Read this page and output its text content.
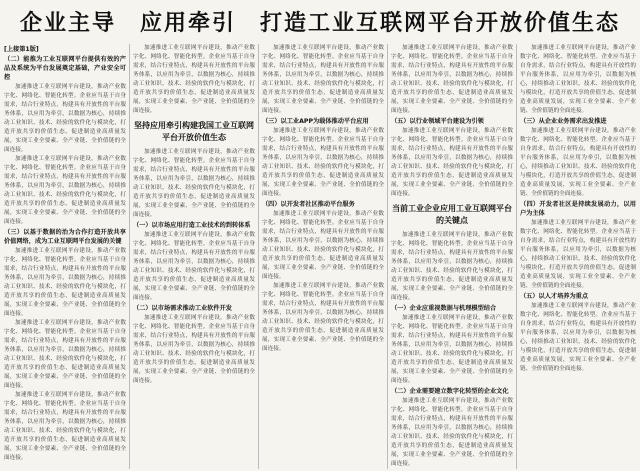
企业主导　应用牵引　打造工业互联网平台开放价值生态
[上接第1版]
（二）能推为工业互联网平台提供有效的产品及系统为平台发展奠定基础，产业安全可控

加速推进工业互联网平台建设，推动产业数字化、网络化、智能化转型。企业应当基于自身需求，结合行业特点，构建具有开放性的平台服务体系，以应用为牵引，以数据为核心，持续推动工业知识、技术、经验的软件化与模块化，打造开放共享的价值生态，促进制造业高质量发展，实现工业全要素、全产业链、全价值链的全面连接。

加速推进工业互联网平台建设，推动产业数字化、网络化、智能化转型。企业应当基于自身需求，结合行业特点，构建具有开放性的平台服务体系，以应用为牵引，以数据为核心，持续推动工业知识、技术、经验的软件化与模块化，打造开放共享的价值生态，促进制造业高质量发展，实现工业全要素、全产业链、全价值链的全面连接。

（三）以基于数据的治为合作打造开放共享价值网络，成为工业互联网平台发展的关键

加速推进工业互联网平台建设，推动产业数字化、网络化、智能化转型。企业应当基于自身需求，结合行业特点，构建具有开放性的平台服务体系，以应用为牵引，以数据为核心，持续推动工业知识、技术、经验的软件化与模块化，打造开放共享的价值生态，促进制造业高质量发展，实现工业全要素、全产业链、全价值链的全面连接。

加速推进工业互联网平台建设，推动产业数字化、网络化、智能化转型。企业应当基于自身需求，结合行业特点，构建具有开放性的平台服务体系，以应用为牵引，以数据为核心，持续推动工业知识、技术、经验的软件化与模块化，打造开放共享的价值生态，促进制造业高质量发展，实现工业全要素、全产业链、全价值链的全面连接。

加速推进工业互联网平台建设，推动产业数字化、网络化、智能化转型。企业应当基于自身需求，结合行业特点，构建具有开放性的平台服务体系，以应用为牵引，以数据为核心，持续推动工业知识、技术、经验的软件化与模块化，打造开放共享的价值生态，促进制造业高质量发展，实现工业全要素、全产业链、全价值链的全面连接。

加速推进工业互联网平台建设，推动产业数字化、网络化、智能化转型。企业应当基于自身需求，结合行业特点，构建具有开放性的平台服务体系，以应用为牵引，以数据为核心，持续推动工业知识、技术、经验的软件化与模块化，打造开放共享的价值生态，促进制造业高质量发展，实现工业全要素、全产业链、全价值链的全面连接。

坚持应用牵引构建我国工业互联网平台开放价值生态

加速推进工业互联网平台建设，推动产业数字化、网络化、智能化转型。企业应当基于自身需求，结合行业特点，构建具有开放性的平台服务体系，以应用为牵引，以数据为核心，持续推动工业知识、技术、经验的软件化与模块化，打造开放共享的价值生态，促进制造业高质量发展，实现工业全要素、全产业链、全价值链的全面连接。

（一）以市场应用打造工业技术的到转体系

加速推进工业互联网平台建设，推动产业数字化、网络化、智能化转型。企业应当基于自身需求，结合行业特点，构建具有开放性的平台服务体系，以应用为牵引，以数据为核心，持续推动工业知识、技术、经验的软件化与模块化，打造开放共享的价值生态，促进制造业高质量发展，实现工业全要素、全产业链、全价值链的全面连接。

（二）以市场需求推动工业软件开发

加速推进工业互联网平台建设，推动产业数字化、网络化、智能化转型。企业应当基于自身需求，结合行业特点，构建具有开放性的平台服务体系，以应用为牵引，以数据为核心，持续推动工业知识、技术、经验的软件化与模块化，打造开放共享的价值生态，促进制造业高质量发展，实现工业全要素、全产业链、全价值链的全面连接。

加速推进工业互联网平台建设，推动产业数字化、网络化、智能化转型。企业应当基于自身需求，结合行业特点，构建具有开放性的平台服务体系，以应用为牵引，以数据为核心，持续推动工业知识、技术、经验的软件化与模块化，打造开放共享的价值生态，促进制造业高质量发展，实现工业全要素、全产业链、全价值链的全面连接。

（三）以工业APP为载体推动平台应用

加速推进工业互联网平台建设，推动产业数字化、网络化、智能化转型。企业应当基于自身需求，结合行业特点，构建具有开放性的平台服务体系，以应用为牵引，以数据为核心，持续推动工业知识、技术、经验的软件化与模块化，打造开放共享的价值生态，促进制造业高质量发展，实现工业全要素、全产业链、全价值链的全面连接。

（四）以开发者社区推动平台服务

加速推进工业互联网平台建设，推动产业数字化、网络化、智能化转型。企业应当基于自身需求，结合行业特点，构建具有开放性的平台服务体系，以应用为牵引，以数据为核心，持续推动工业知识、技术、经验的软件化与模块化，打造开放共享的价值生态，促进制造业高质量发展，实现工业全要素、全产业链、全价值链的全面连接。

加速推进工业互联网平台建设，推动产业数字化、网络化、智能化转型。企业应当基于自身需求，结合行业特点，构建具有开放性的平台服务体系，以应用为牵引，以数据为核心，持续推动工业知识、技术、经验的软件化与模块化，打造开放共享的价值生态，促进制造业高质量发展，实现工业全要素、全产业链、全价值链的全面连接。

加速推进工业互联网平台建设，推动产业数字化、网络化、智能化转型。企业应当基于自身需求，结合行业特点，构建具有开放性的平台服务体系，以应用为牵引，以数据为核心，持续推动工业知识、技术、经验的软件化与模块化，打造开放共享的价值生态，促进制造业高质量发展，实现工业全要素、全产业链、全价值链的全面连接。

（五）以行业领域平台建设为引领

加速推进工业互联网平台建设，推动产业数字化、网络化、智能化转型。企业应当基于自身需求，结合行业特点，构建具有开放性的平台服务体系，以应用为牵引，以数据为核心，持续推动工业知识、技术、经验的软件化与模块化，打造开放共享的价值生态，促进制造业高质量发展，实现工业全要素、全产业链、全价值链的全面连接。

当前工业企业应用工业互联网平台的关键点

加速推进工业互联网平台建设，推动产业数字化、网络化、智能化转型。企业应当基于自身需求，结合行业特点，构建具有开放性的平台服务体系，以应用为牵引，以数据为核心，持续推动工业知识、技术、经验的软件化与模块化，打造开放共享的价值生态，促进制造业高质量发展，实现工业全要素、全产业链、全价值链的全面连接。

（一）企业应重视数据与机理模型结合

加速推进工业互联网平台建设，推动产业数字化、网络化、智能化转型。企业应当基于自身需求，结合行业特点，构建具有开放性的平台服务体系，以应用为牵引，以数据为核心，持续推动工业知识、技术、经验的软件化与模块化，打造开放共享的价值生态，促进制造业高质量发展，实现工业全要素、全产业链、全价值链的全面连接。

（二）企业需要建立数字化转型的企业文化

加速推进工业互联网平台建设，推动产业数字化、网络化、智能化转型。企业应当基于自身需求，结合行业特点，构建具有开放性的平台服务体系，以应用为牵引，以数据为核心，持续推动工业知识、技术、经验的软件化与模块化，打造开放共享的价值生态，促进制造业高质量发展，实现工业全要素、全产业链、全价值链的全面连接。

加速推进工业互联网平台建设，推动产业数字化、网络化、智能化转型。企业应当基于自身需求，结合行业特点，构建具有开放性的平台服务体系，以应用为牵引，以数据为核心，持续推动工业知识、技术、经验的软件化与模块化，打造开放共享的价值生态，促进制造业高质量发展，实现工业全要素、全产业链、全价值链的全面连接。

（三）从企业业务需求出发推进

加速推进工业互联网平台建设，推动产业数字化、网络化、智能化转型。企业应当基于自身需求，结合行业特点，构建具有开放性的平台服务体系，以应用为牵引，以数据为核心，持续推动工业知识、技术、经验的软件化与模块化，打造开放共享的价值生态，促进制造业高质量发展，实现工业全要素、全产业链、全价值链的全面连接。

（四）开发者社区是持续发展动力，以用户为主体

加速推进工业互联网平台建设，推动产业数字化、网络化、智能化转型。企业应当基于自身需求，结合行业特点，构建具有开放性的平台服务体系，以应用为牵引，以数据为核心，持续推动工业知识、技术、经验的软件化与模块化，打造开放共享的价值生态，促进制造业高质量发展，实现工业全要素、全产业链、全价值链的全面连接。

（五）以人才培养为重点

加速推进工业互联网平台建设，推动产业数字化、网络化、智能化转型。企业应当基于自身需求，结合行业特点，构建具有开放性的平台服务体系，以应用为牵引，以数据为核心，持续推动工业知识、技术、经验的软件化与模块化，打造开放共享的价值生态，促进制造业高质量发展，实现工业全要素、全产业链、全价值链的全面连接。
